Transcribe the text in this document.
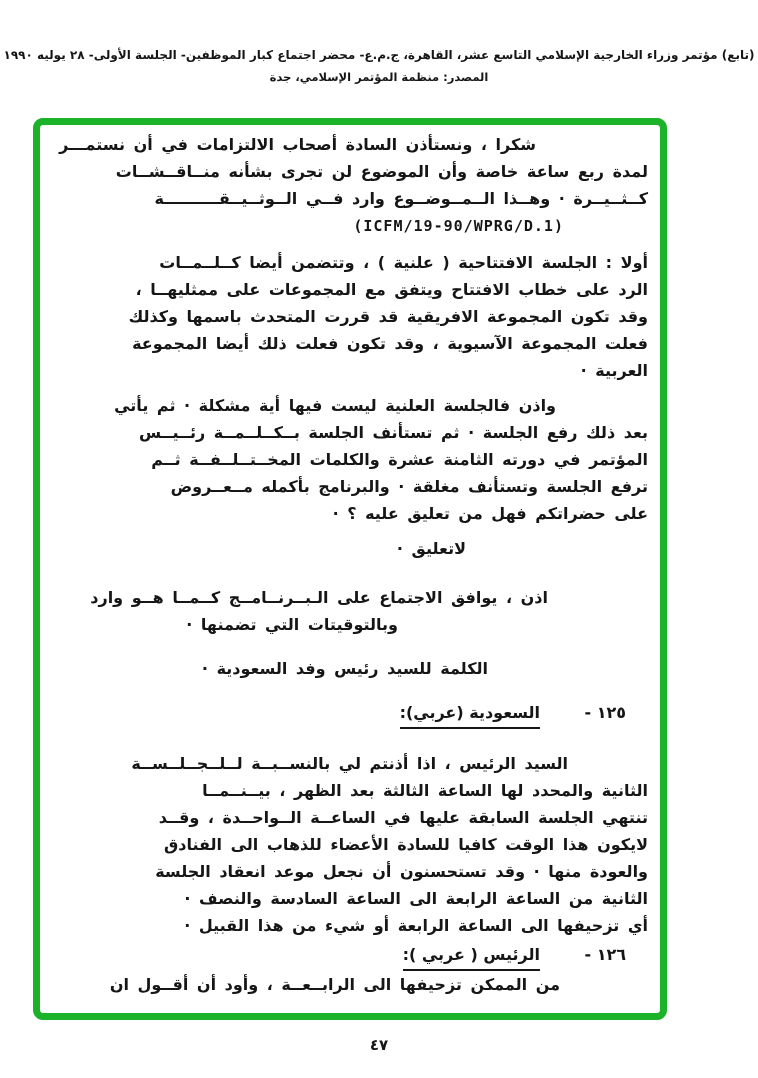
(تابع) مؤتمر وزراء الخارجية الإسلامي التاسع عشر، القاهرة، ج.م.ع- محضر اجتماع كبار الموظفين- الجلسة الأولى- ٢٨ يوليه ١٩٩٠
المصدر: منظمة المؤتمر الإسلامي، جدة
شكرا ، ونستأذن السادة أصحاب الالتزامات في أن نستمـــر
لمدة ربع ساعة خاصة وأن الموضوع لن تجرى بشأنه منــاقــشــات
كــثــيــرة · وهــذا الــمــوضــوع وارد فــي الــوثــيــقــــــــــة
(ICFM/19-90/WPRG/D.1)
أولا : الجلسة الافتتاحية ( علنية ) ، وتتضمن أيضا كــلــمــات
الرد على خطاب الافتتاح ويتفق مع المجموعات على ممثليهــا ،
وقد تكون المجموعة الافريقية قد قررت المتحدث باسمها وكذلك
فعلت المجموعة الآسيوية ، وقد تكون فعلت ذلك أيضا المجموعة
العربية ·
واذن فالجلسة العلنية ليست فيها أية مشكلة · ثم يأتي
بعد ذلك رفع الجلسة · ثم تستأنف الجلسة بــكــلــمــة رئــيــس
المؤتمر في دورته الثامنة عشرة والكلمات المخــتــلــفــة ثــم
ترفع الجلسة وتستأنف مغلقة · والبرنامج بأكمله مــعــروض
على حضراتكم فهل من تعليق عليه ؟ ·
لاتعليق ·
اذن ، يوافق الاجتماع على الـبــرنــامــج كــمــا هــو وارد
وبالتوقيتات التي تضمنها ·
الكلمة للسيد رئيس وفد السعودية ·
١٢٥ -
السعودية (عربي):
السيد الرئيس ، اذا أذنتم لي بالنســبــة لــلــجــلــســة
الثانية والمحدد لها الساعة الثالثة بعد الظهر ، بيــنــمــا
تنتهي الجلسة السابقة عليها في الساعــة الــواحــدة ، وقــد
لايكون هذا الوقت كافيا للسادة الأعضاء للذهاب الى الفنادق
والعودة منها · وقد تستحسنون أن نجعل موعد انعقاد الجلسة
الثانية من الساعة الرابعة الى الساعة السادسة والنصف ·
أي تزحيفها الى الساعة الرابعة أو شيء من هذا القبيل ·
١٢٦ -
الرئيس ( عربي ):
من الممكن تزحيفها الى الرابــعــة ، وأود أن أقــول ان
٤٧
